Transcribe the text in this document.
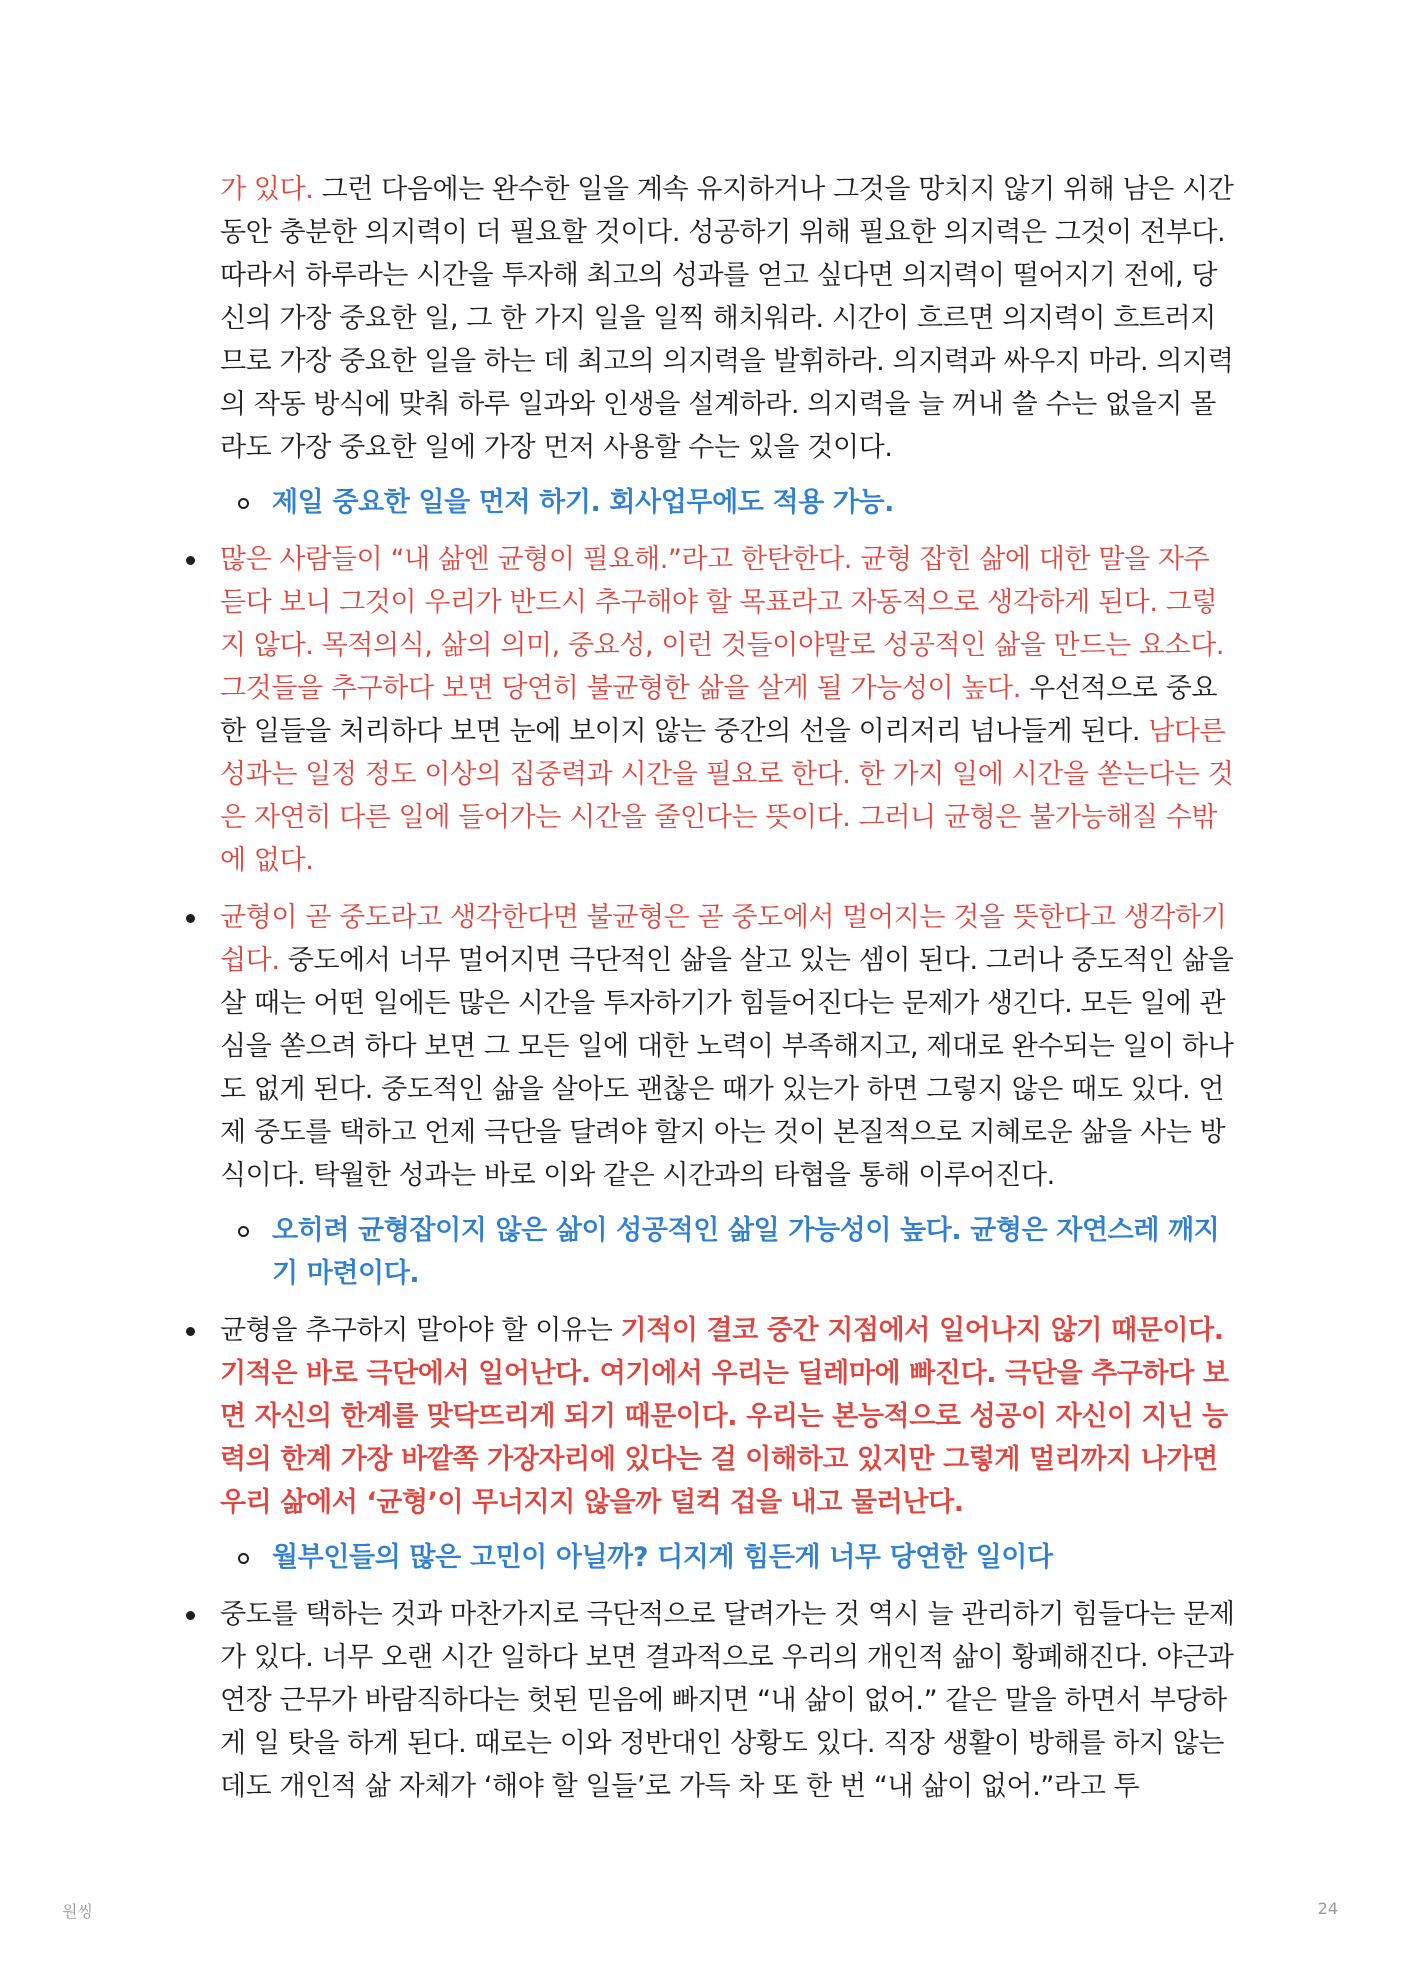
가 있다. 그런 다음에는 완수한 일을 계속 유지하거나 그것을 망치지 않기 위해 남은 시간 동안 충분한 의지력이 더 필요할 것이다. 성공하기 위해 필요한 의지력은 그것이 전부다. 따라서 하루라는 시간을 투자해 최고의 성과를 얻고 싶다면 의지력이 떨어지기 전에, 당신의 가장 중요한 일, 그 한 가지 일을 일찍 해치워라. 시간이 흐르면 의지력이 흐트러지므로 가장 중요한 일을 하는 데 최고의 의지력을 발휘하라. 의지력과 싸우지 마라. 의지력의 작동 방식에 맞춰 하루 일과와 인생을 설계하라. 의지력을 늘 꺼내 쓸 수는 없을지 몰라도 가장 중요한 일에 가장 먼저 사용할 수는 있을 것이다.

제일 중요한 일을 먼저 하기. 회사업무에도 적용 가능.
많은 사람들이 “내 삶엔 균형이 필요해.”라고 한탄한다. 균형 잡힌 삶에 대한 말을 자주 듣다 보니 그것이 우리가 반드시 추구해야 할 목표라고 자동적으로 생각하게 된다. 그렇지 않다. 목적의식, 삶의 의미, 중요성, 이런 것들이야말로 성공적인 삶을 만드는 요소다. 그것들을 추구하다 보면 당연히 불균형한 삶을 살게 될 가능성이 높다. 우선적으로 중요한 일들을 처리하다 보면 눈에 보이지 않는 중간의 선을 이리저리 넘나들게 된다. 남다른 성과는 일정 정도 이상의 집중력과 시간을 필요로 한다. 한 가지 일에 시간을 쏟는다는 것은 자연히 다른 일에 들어가는 시간을 줄인다는 뜻이다. 그러니 균형은 불가능해질 수밖에 없다.
균형이 곧 중도라고 생각한다면 불균형은 곧 중도에서 멀어지는 것을 뜻한다고 생각하기 쉽다. 중도에서 너무 멀어지면 극단적인 삶을 살고 있는 셈이 된다. 그러나 중도적인 삶을 살 때는 어떤 일에든 많은 시간을 투자하기가 힘들어진다는 문제가 생긴다. 모든 일에 관심을 쏟으려 하다 보면 그 모든 일에 대한 노력이 부족해지고, 제대로 완수되는 일이 하나도 없게 된다. 중도적인 삶을 살아도 괜찮은 때가 있는가 하면 그렇지 않은 때도 있다. 언제 중도를 택하고 언제 극단을 달려야 할지 아는 것이 본질적으로 지혜로운 삶을 사는 방식이다. 탁월한 성과는 바로 이와 같은 시간과의 타협을 통해 이루어진다.
오히려 균형잡이지 않은 삶이 성공적인 삶일 가능성이 높다. 균형은 자연스레 깨지기 마련이다.
균형을 추구하지 말아야 할 이유는 기적이 결코 중간 지점에서 일어나지 않기 때문이다. 기적은 바로 극단에서 일어난다. 여기에서 우리는 딜레마에 빠진다. 극단을 추구하다 보면 자신의 한계를 맞닥뜨리게 되기 때문이다. 우리는 본능적으로 성공이 자신이 지닌 능력의 한계 가장 바깥쪽 가장자리에 있다는 걸 이해하고 있지만 그렇게 멀리까지 나가면 우리 삶에서 ‘균형’이 무너지지 않을까 덜컥 겁을 내고 물러난다.
월부인들의 많은 고민이 아닐까? 디지게 힘든게 너무 당연한 일이다
중도를 택하는 것과 마찬가지로 극단적으로 달려가는 것 역시 늘 관리하기 힘들다는 문제가 있다. 너무 오랜 시간 일하다 보면 결과적으로 우리의 개인적 삶이 황폐해진다. 야근과 연장 근무가 바람직하다는 헛된 믿음에 빠지면 “내 삶이 없어.” 같은 말을 하면서 부당하게 일 탓을 하게 된다. 때로는 이와 정반대인 상황도 있다. 직장 생활이 방해를 하지 않는데도 개인적 삶 자체가 ‘해야 할 일들’로 가득 차 또 한 번 “내 삶이 없어.”라고 투
원씽	24
